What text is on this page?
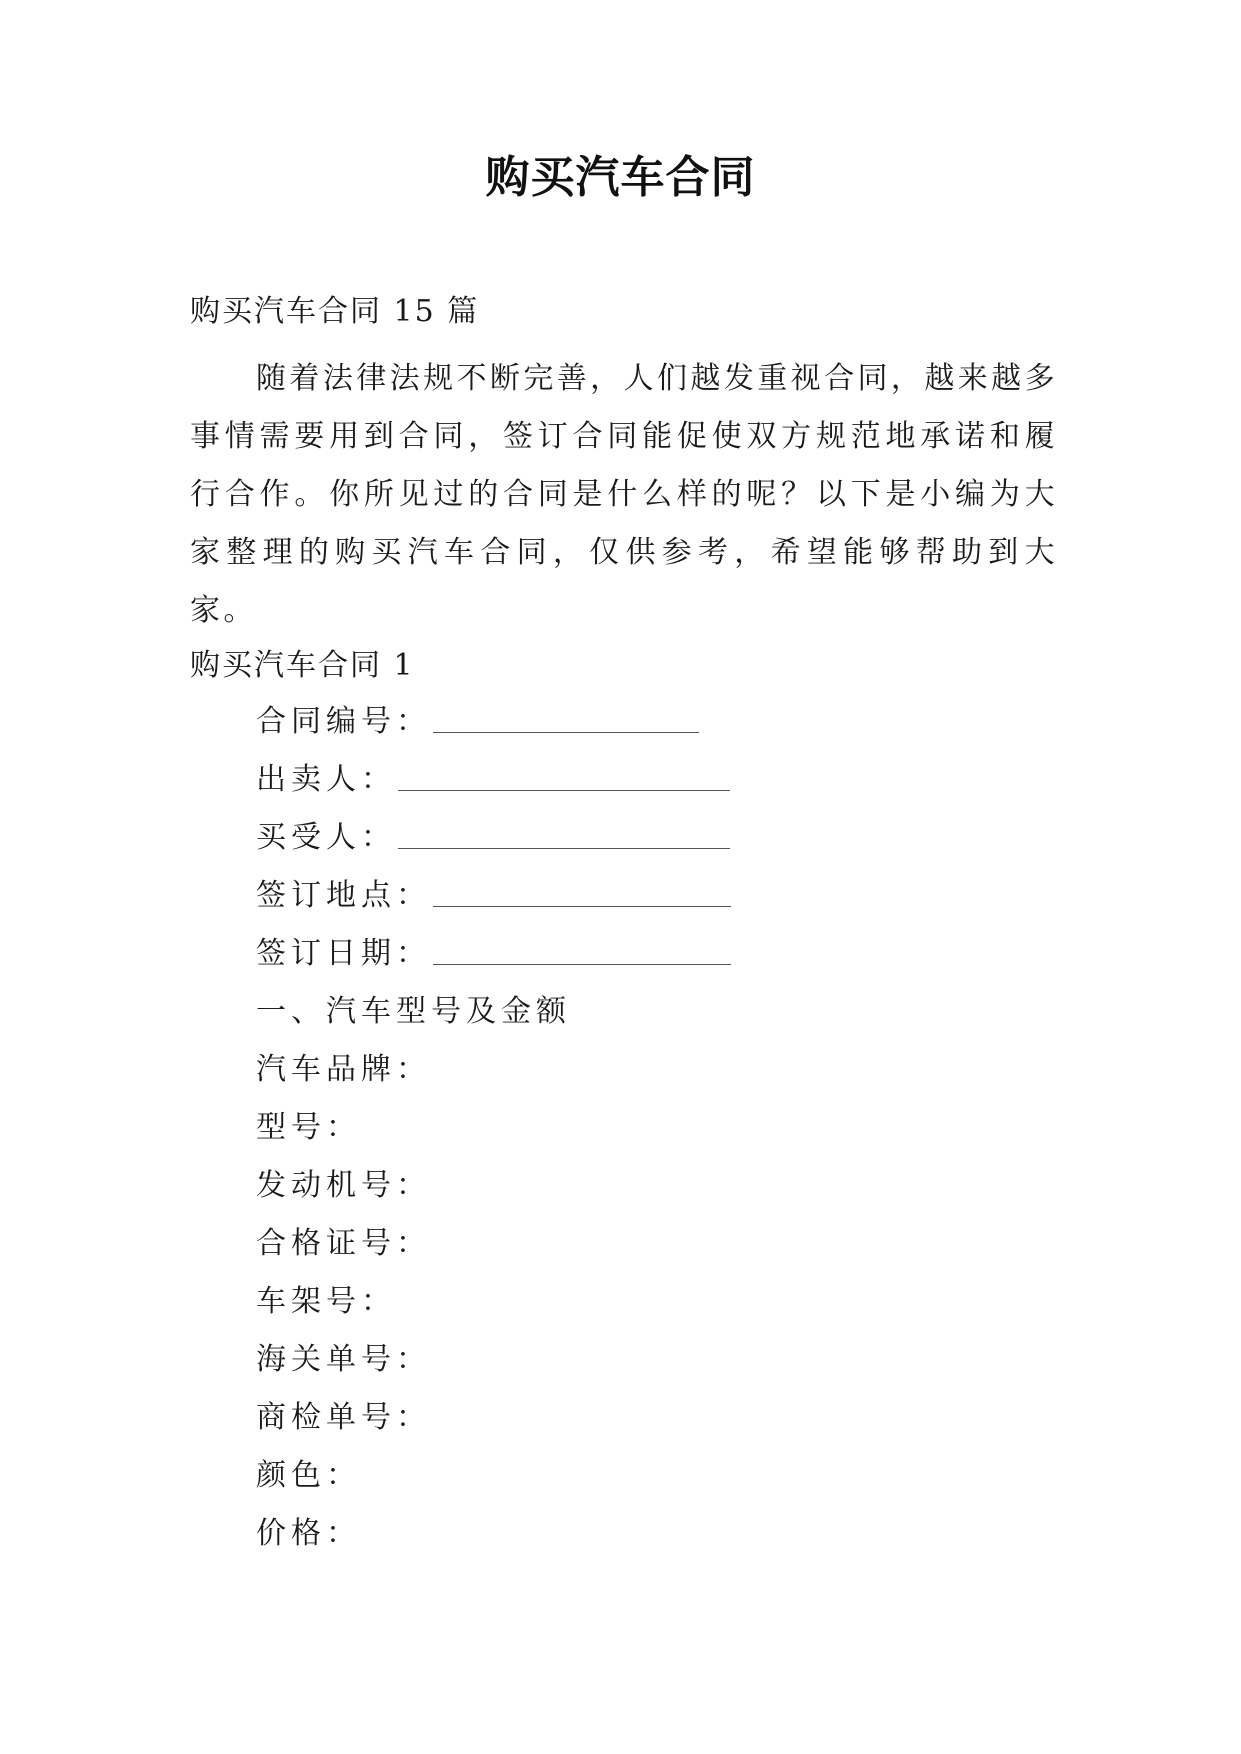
购买汽车合同
购买汽车合同 15 篇

随着法律法规不断完善，人们越发重视合同，越来越多事情需要用到合同，签订合同能促使双方规范地承诺和履行合作。你所见过的合同是什么样的呢？以下是小编为大家整理的购买汽车合同，仅供参考，希望能够帮助到大家。

购买汽车合同 1
合同编号：
出卖人：
买受人：
签订地点：
签订日期：
一、汽车型号及金额
汽车品牌：
型号：
发动机号：
合格证号：
车架号：
海关单号：
商检单号：
颜色：
价格：
